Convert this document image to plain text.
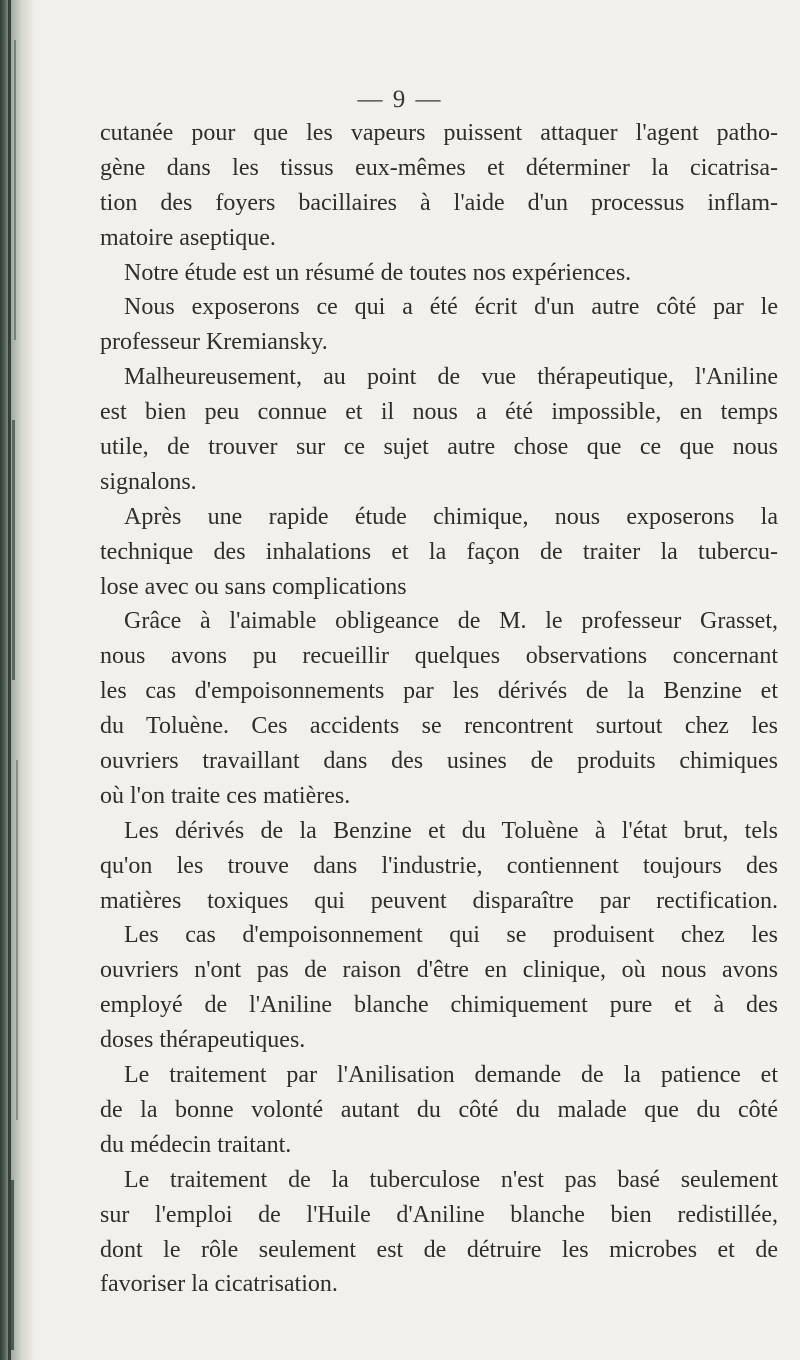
— 9 —
cutanée pour que les vapeurs puissent attaquer l'agent patho-
gène dans les tissus eux-mêmes et déterminer la cicatrisa-
tion des foyers bacillaires à l'aide d'un processus inflam-
matoire aseptique.
Notre étude est un résumé de toutes nos expériences.
Nous exposerons ce qui a été écrit d'un autre côté par le
professeur Kremiansky.
Malheureusement, au point de vue thérapeutique, l'Aniline
est bien peu connue et il nous a été impossible, en temps
utile, de trouver sur ce sujet autre chose que ce que nous
signalons.
Après une rapide étude chimique, nous exposerons la
technique des inhalations et la façon de traiter la tubercu-
lose avec ou sans complications
Grâce à l'aimable obligeance de M. le professeur Grasset,
nous avons pu recueillir quelques observations concernant
les cas d'empoisonnements par les dérivés de la Benzine et
du Toluène. Ces accidents se rencontrent surtout chez les
ouvriers travaillant dans des usines de produits chimiques
où l'on traite ces matières.
Les dérivés de la Benzine et du Toluène à l'état brut, tels
qu'on les trouve dans l'industrie, contiennent toujours des
matières toxiques qui peuvent disparaître par rectification.
Les cas d'empoisonnement qui se produisent chez les
ouvriers n'ont pas de raison d'être en clinique, où nous avons
employé de l'Aniline blanche chimiquement pure et à des
doses thérapeutiques.
Le traitement par l'Anilisation demande de la patience et
de la bonne volonté autant du côté du malade que du côté
du médecin traitant.
Le traitement de la tuberculose n'est pas basé seulement
sur l'emploi de l'Huile d'Aniline blanche bien redistillée,
dont le rôle seulement est de détruire les microbes et de
favoriser la cicatrisation.
